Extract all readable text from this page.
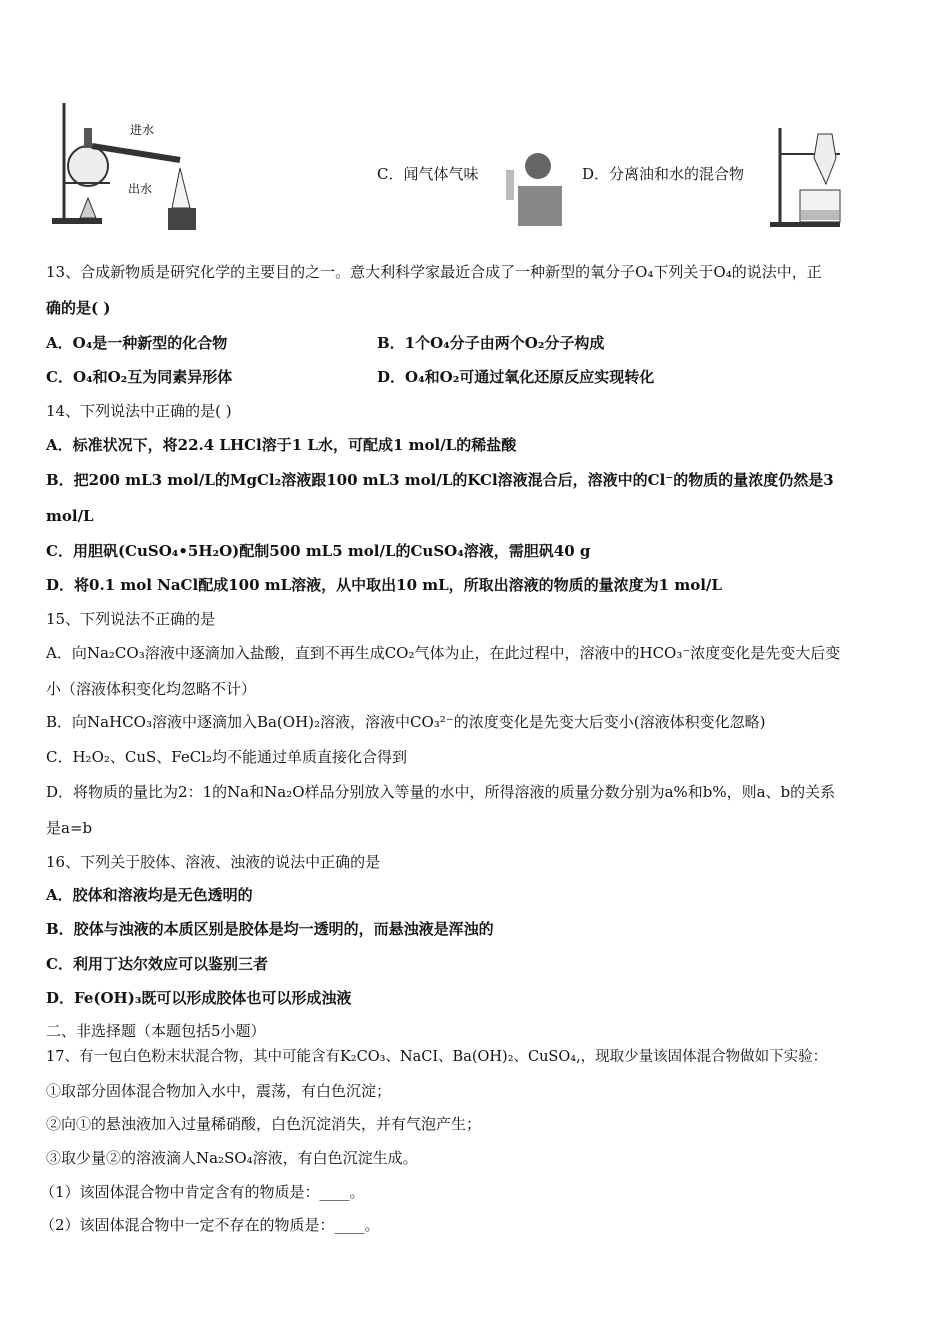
进水
出水
C．闻气体气味	D．分离油和水的混合物
13、合成新物质是研究化学的主要目的之一。意大利科学家最近合成了一种新型的氧分子O₄下列关于O₄的说法中，正
确的是( )
A．O₄是一种新型的化合物	B．1个O₄分子由两个O₂分子构成
C．O₄和O₂互为同素异形体	D．O₄和O₂可通过氧化还原反应实现转化
14、下列说法中正确的是( )
A．标准状况下，将22.4 LHCl溶于1 L水，可配成1 mol/L的稀盐酸
B．把200 mL3 mol/L的MgCl₂溶液跟100 mL3 mol/L的KCl溶液混合后，溶液中的Cl⁻的物质的量浓度仍然是3
mol/L
C．用胆矾(CuSO₄•5H₂O)配制500 mL5 mol/L的CuSO₄溶液，需胆矾40 g
D．将0.1 mol NaCl配成100 mL溶液，从中取出10 mL，所取出溶液的物质的量浓度为1 mol/L
15、下列说法不正确的是
A．向Na₂CO₃溶液中逐滴加入盐酸，直到不再生成CO₂气体为止，在此过程中，溶液中的HCO₃⁻浓度变化是先变大后变
小（溶液体积变化均忽略不计）
B．向NaHCO₃溶液中逐滴加入Ba(OH)₂溶液，溶液中CO₃²⁻的浓度变化是先变大后变小(溶液体积变化忽略)
C．H₂O₂、CuS、FeCl₂均不能通过单质直接化合得到
D．将物质的量比为2：1的Na和Na₂O样品分别放入等量的水中，所得溶液的质量分数分别为a%和b%，则a、b的关系
是a=b
16、下列关于胶体、溶液、浊液的说法中正确的是
A．胶体和溶液均是无色透明的
B．胶体与浊液的本质区别是胶体是均一透明的，而悬浊液是浑浊的
C．利用丁达尔效应可以鉴别三者
D．Fe(OH)₃既可以形成胶体也可以形成浊液
二、非选择题（本题包括5小题）
17、有一包白色粉末状混合物，其中可能含有K₂CO₃、NaCI、Ba(OH)₂、CuSO₄,，现取少量该固体混合物做如下实验：
①取部分固体混合物加入水中，震荡，有白色沉淀；
②向①的悬浊液加入过量稀硝酸，白色沉淀消失，并有气泡产生；
③取少量②的溶液滴人Na₂SO₄溶液，有白色沉淀生成。
（1）该固体混合物中肯定含有的物质是：____。
（2）该固体混合物中一定不存在的物质是：____。
